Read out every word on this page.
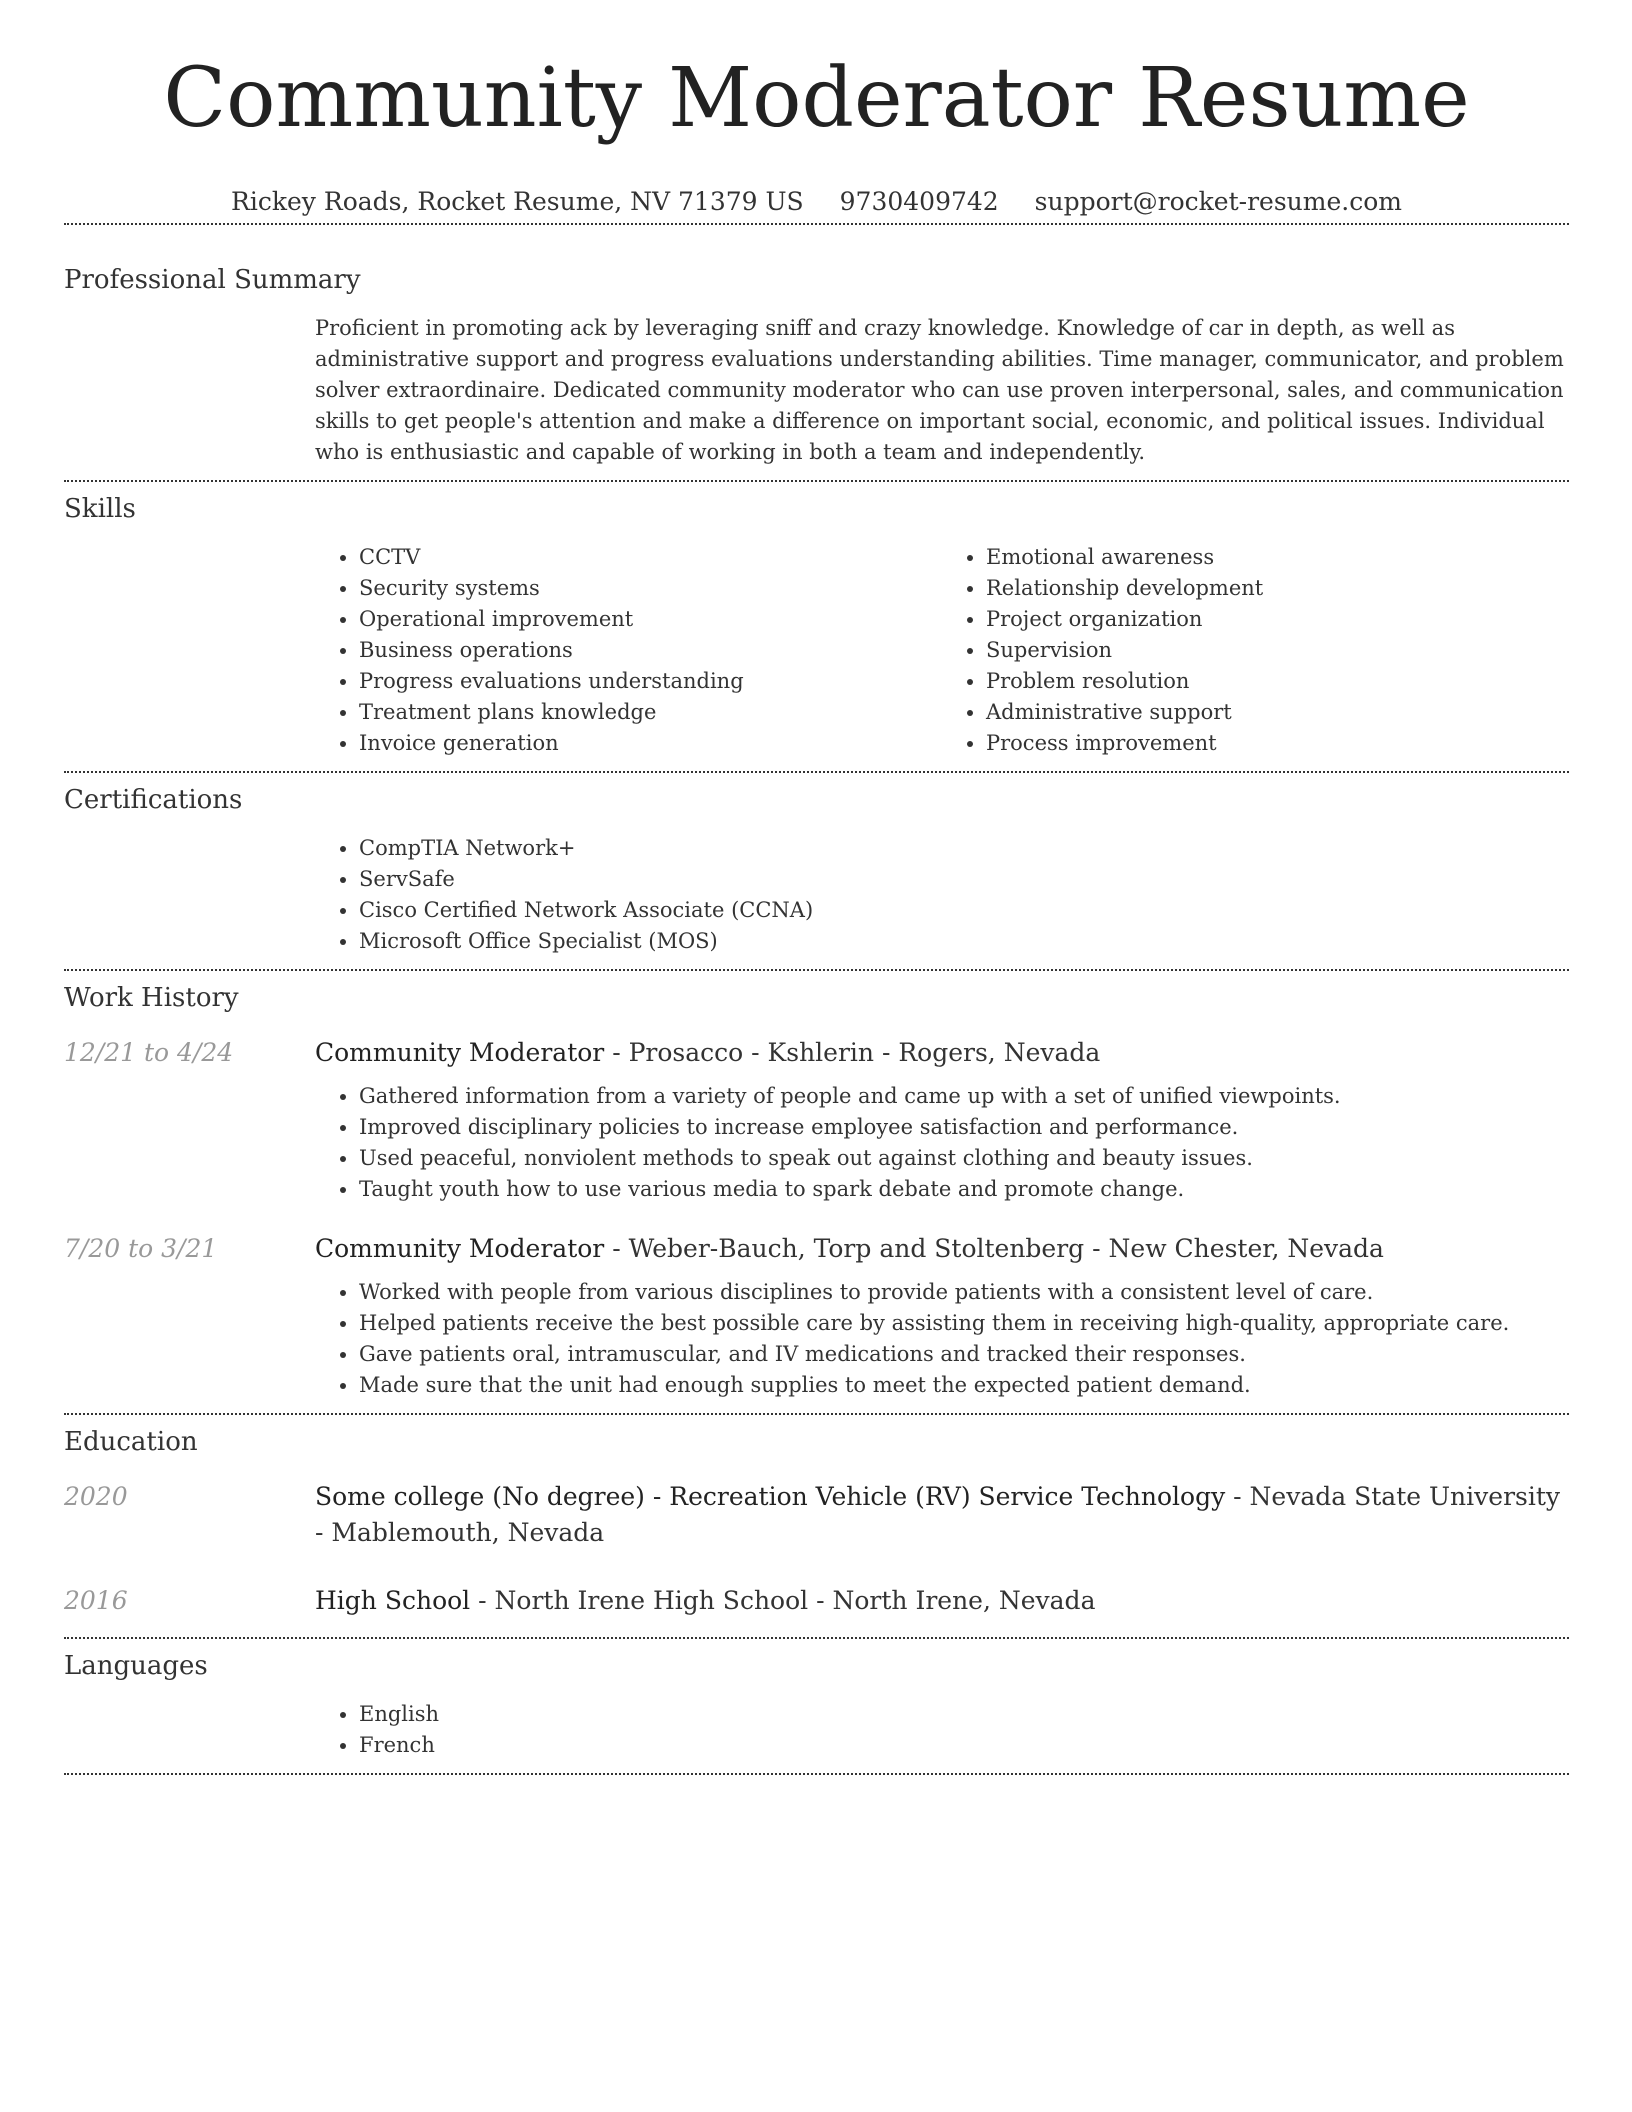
Community Moderator Resume
Rickey Roads, Rocket Resume, NV 71379 US 9730409742 support@rocket-resume.com
Professional Summary

Proficient in promoting ack by leveraging sniff and crazy knowledge. Knowledge of car in depth, as well as administrative support and progress evaluations understanding abilities. Time manager, communicator, and problem solver extraordinaire. Dedicated community moderator who can use proven interpersonal, sales, and communication skills to get people's attention and make a difference on important social, economic, and political issues. Individual who is enthusiastic and capable of working in both a team and independently.

Skills
• CCTV
• Security systems
• Operational improvement
• Business operations
• Progress evaluations understanding
• Treatment plans knowledge
• Invoice generation
• Emotional awareness
• Relationship development
• Project organization
• Supervision
• Problem resolution
• Administrative support
• Process improvement
Certifications
• CompTIA Network+
• ServSafe
• Cisco Certified Network Associate (CCNA)
• Microsoft Office Specialist (MOS)
Work History
12/21 to 4/24	Community Moderator - Prosacco - Kshlerin - Rogers, Nevada
• Gathered information from a variety of people and came up with a set of unified viewpoints.
• Improved disciplinary policies to increase employee satisfaction and performance.
• Used peaceful, nonviolent methods to speak out against clothing and beauty issues.
• Taught youth how to use various media to spark debate and promote change.
7/20 to 3/21	Community Moderator - Weber-Bauch, Torp and Stoltenberg - New Chester, Nevada
• Worked with people from various disciplines to provide patients with a consistent level of care.
• Helped patients receive the best possible care by assisting them in receiving high-quality, appropriate care.
• Gave patients oral, intramuscular, and IV medications and tracked their responses.
• Made sure that the unit had enough supplies to meet the expected patient demand.
Education
2020	Some college (No degree) - Recreation Vehicle (RV) Service Technology - Nevada State University - Mablemouth, Nevada
2016	High School - North Irene High School - North Irene, Nevada
Languages
• English
• French
